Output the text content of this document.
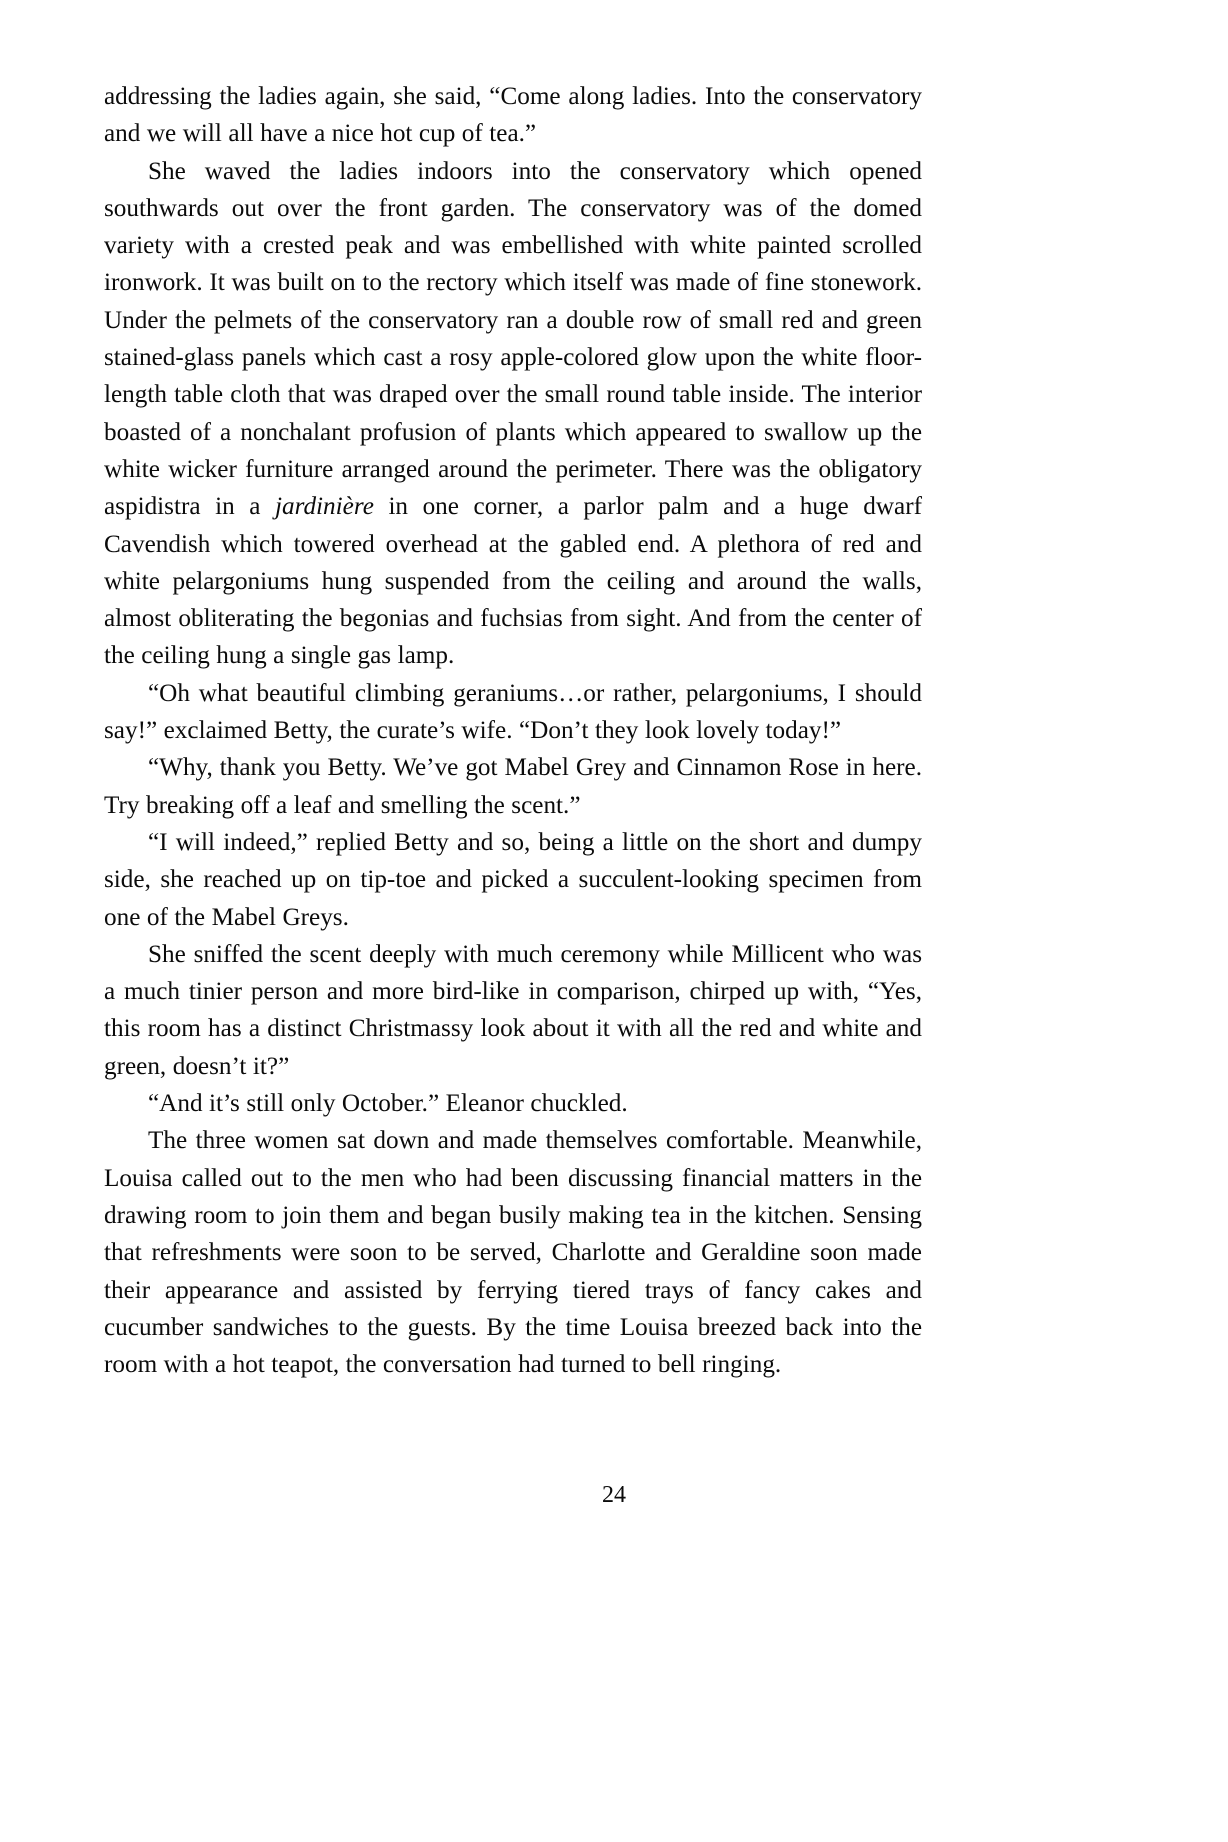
addressing the ladies again, she said, “Come along ladies. Into the conservatory and we will all have a nice hot cup of tea.”

She waved the ladies indoors into the conservatory which opened southwards out over the front garden. The conservatory was of the domed variety with a crested peak and was embellished with white painted scrolled ironwork. It was built on to the rectory which itself was made of fine stonework. Under the pelmets of the conservatory ran a double row of small red and green stained-glass panels which cast a rosy apple-colored glow upon the white floor-length table cloth that was draped over the small round table inside. The interior boasted of a nonchalant profusion of plants which appeared to swallow up the white wicker furniture arranged around the perimeter. There was the obligatory aspidistra in a jardinière in one corner, a parlor palm and a huge dwarf Cavendish which towered overhead at the gabled end. A plethora of red and white pelargoniums hung suspended from the ceiling and around the walls, almost obliterating the begonias and fuchsias from sight. And from the center of the ceiling hung a single gas lamp.

“Oh what beautiful climbing geraniums…or rather, pelargoniums, I should say!” exclaimed Betty, the curate’s wife. “Don’t they look lovely today!”

“Why, thank you Betty. We’ve got Mabel Grey and Cinnamon Rose in here. Try breaking off a leaf and smelling the scent.”

“I will indeed,” replied Betty and so, being a little on the short and dumpy side, she reached up on tip-toe and picked a succulent-looking specimen from one of the Mabel Greys.

She sniffed the scent deeply with much ceremony while Millicent who was a much tinier person and more bird-like in comparison, chirped up with, “Yes, this room has a distinct Christmassy look about it with all the red and white and green, doesn’t it?”

“And it’s still only October.” Eleanor chuckled.

The three women sat down and made themselves comfortable. Meanwhile, Louisa called out to the men who had been discussing financial matters in the drawing room to join them and began busily making tea in the kitchen. Sensing that refreshments were soon to be served, Charlotte and Geraldine soon made their appearance and assisted by ferrying tiered trays of fancy cakes and cucumber sandwiches to the guests. By the time Louisa breezed back into the room with a hot teapot, the conversation had turned to bell ringing.

24
